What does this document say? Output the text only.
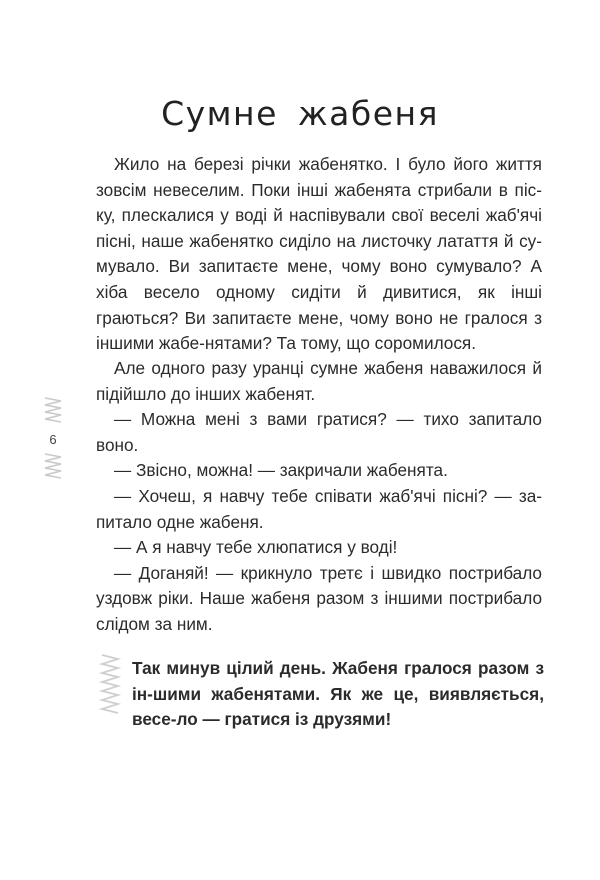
Сумне жабеня

Жило на березі річки жабенятко. І було його життя зовсім невеселим. Поки інші жабенята стрибали в піс-ку, плескалися у воді й наспівували свої веселі жаб'ячі пісні, наше жабенятко сиділо на листочку латаття й су-мувало. Ви запитаєте мене, чому воно сумувало? А хіба весело одному сидіти й дивитися, як інші граються? Ви запитаєте мене, чому воно не гралося з іншими жабе-нятами? Та тому, що соромилося.

Але одного разу уранці сумне жабеня наважилося й підійшло до інших жабенят.

— Можна мені з вами гратися? — тихо запитало воно.

— Звісно, можна! — закричали жабенята.

— Хочеш, я навчу тебе співати жаб'ячі пісні? — за-питало одне жабеня.

— А я навчу тебе хлюпатися у воді!

— Доганяй! — крикнуло третє і швидко пострибало уздовж ріки. Наше жабеня разом з іншими пострибало слідом за ним.

6

Так минув цілий день. Жабеня гралося разом з ін-шими жабенятами. Як же це, виявляється, весе-ло — гратися із друзями!
